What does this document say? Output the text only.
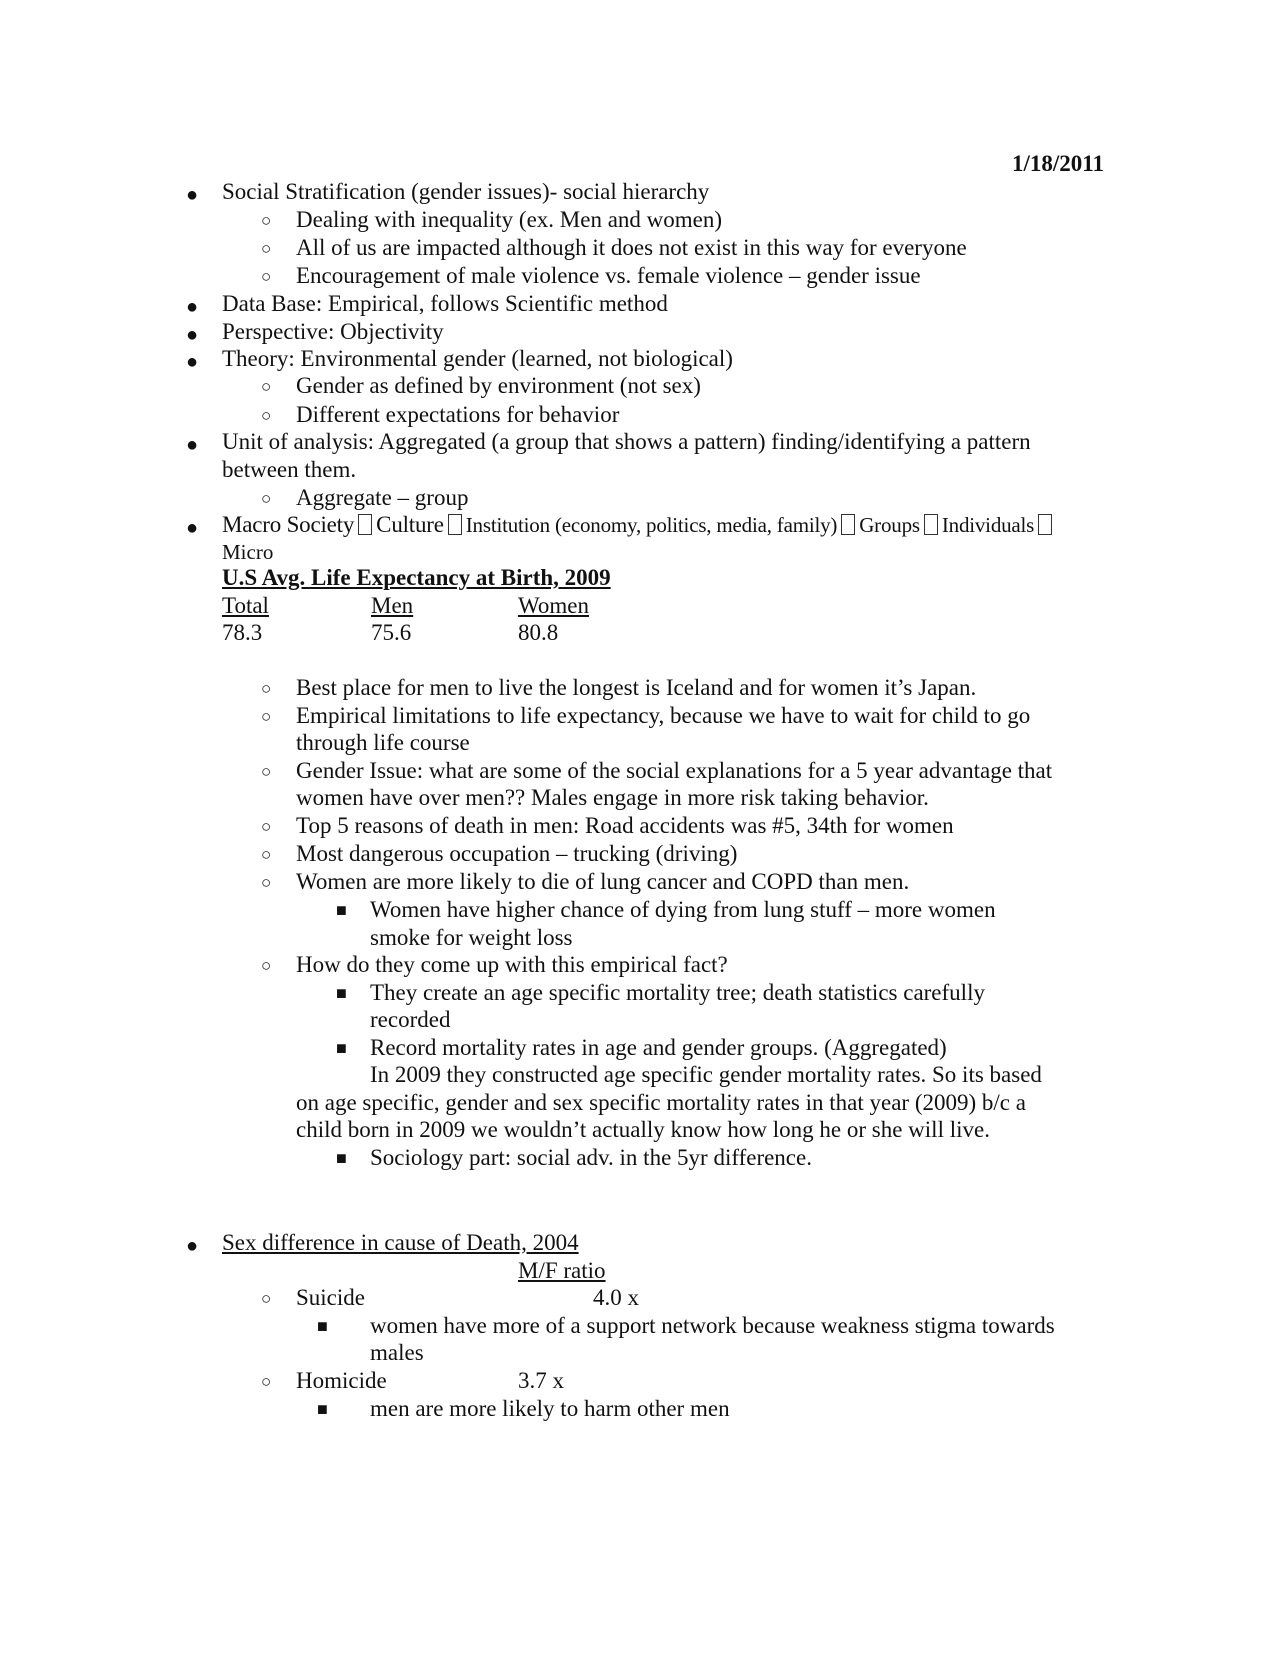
1/18/2011
● Social Stratification (gender issues)- social hierarchy
○ Dealing with inequality (ex. Men and women)
○ All of us are impacted although it does not exist in this way for everyone
○ Encouragement of male violence vs. female violence – gender issue
● Data Base: Empirical, follows Scientific method
● Perspective: Objectivity
● Theory: Environmental gender (learned, not biological)
○ Gender as defined by environment (not sex)
○ Different expectations for behavior
● Unit of analysis: Aggregated (a group that shows a pattern) finding/identifying a pattern
between them.
○ Aggregate – group
● Macro Society Culture Institution (economy, politics, media, family) Groups Individuals
Micro
U.S Avg. Life Expectancy at Birth, 2009
Total	Men	Women
78.3	75.6	80.8
○ Best place for men to live the longest is Iceland and for women it’s Japan.
○ Empirical limitations to life expectancy, because we have to wait for child to go
through life course
○ Gender Issue: what are some of the social explanations for a 5 year advantage that
women have over men?? Males engage in more risk taking behavior.
○ Top 5 reasons of death in men: Road accidents was #5, 34th for women
○ Most dangerous occupation – trucking (driving)
○ Women are more likely to die of lung cancer and COPD than men.
■ Women have higher chance of dying from lung stuff – more women
smoke for weight loss
○ How do they come up with this empirical fact?
■ They create an age specific mortality tree; death statistics carefully
recorded
■ Record mortality rates in age and gender groups. (Aggregated)
In 2009 they constructed age specific gender mortality rates. So its based
on age specific, gender and sex specific mortality rates in that year (2009) b/c a
child born in 2009 we wouldn’t actually know how long he or she will live.
■ Sociology part: social adv. in the 5yr difference.
● Sex difference in cause of Death, 2004
M/F ratio
○ Suicide	4.0 x
■ women have more of a support network because weakness stigma towards
males
○ Homicide	3.7 x
■ men are more likely to harm other men
